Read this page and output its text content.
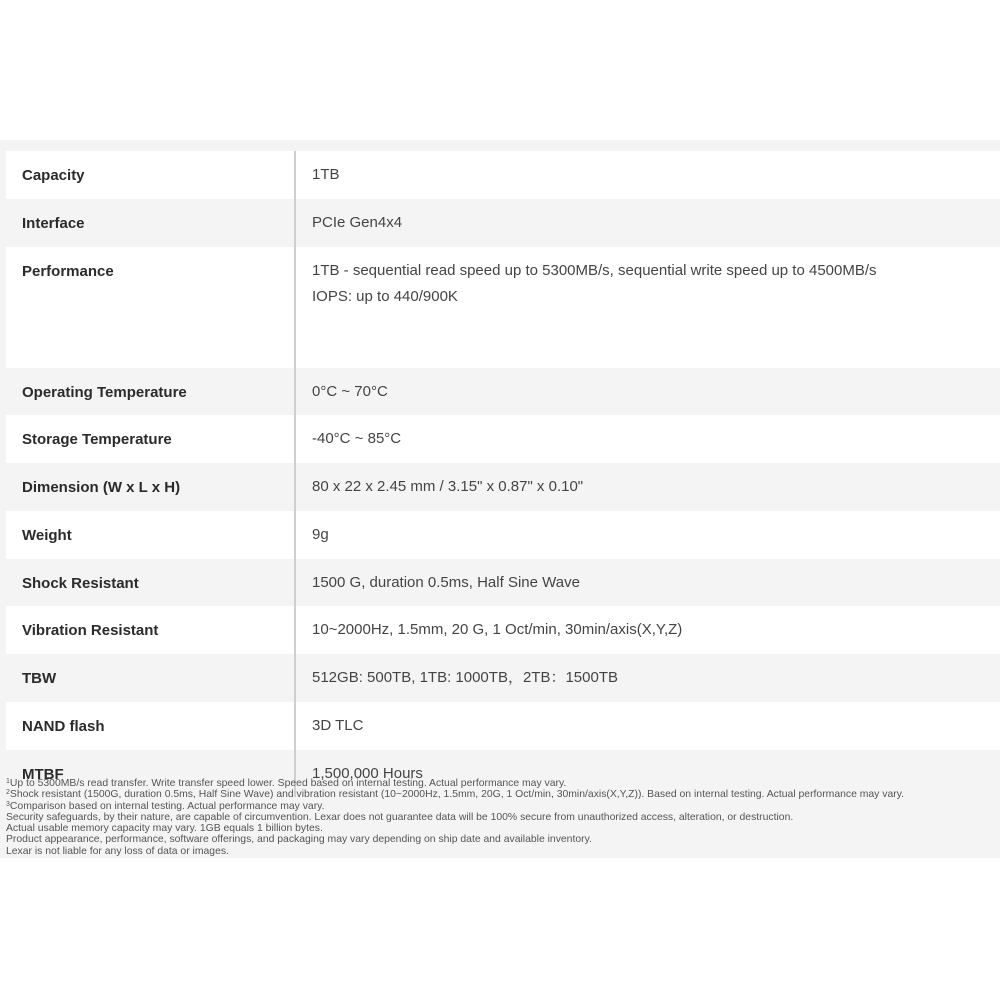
Capacity	1TB
Interface	PCIe Gen4x4
Performance	1TB - sequential read speed up to 5300MB/s, sequential write speed up to 4500MB/s
IOPS: up to 440/900K
Operating Temperature	0°C ~ 70°C
Storage Temperature	-40°C ~ 85°C
Dimension (W x L x H)	80 x 22 x 2.45 mm / 3.15" x 0.87" x 0.10"
Weight	9g
Shock Resistant	1500 G, duration 0.5ms, Half Sine Wave
Vibration Resistant	10~2000Hz, 1.5mm, 20 G, 1 Oct/min, 30min/axis(X,Y,Z)
TBW	512GB: 500TB, 1TB: 1000TB，2TB：1500TB
NAND flash	3D TLC
MTBF	1,500,000 Hours
$^1$Up to 5300MB/s read transfer. Write transfer speed lower. Speed based on internal testing. Actual performance may vary.
$^2$Shock resistant (1500G, duration 0.5ms, Half Sine Wave) and vibration resistant (10~2000Hz, 1.5mm, 20G, 1 Oct/min, 30min/axis(X,Y,Z)). Based on internal testing. Actual performance may vary.
$^3$Comparison based on internal testing. Actual performance may vary.
Security safeguards, by their nature, are capable of circumvention. Lexar does not guarantee data will be 100% secure from unauthorized access, alteration, or destruction.
Actual usable memory capacity may vary. 1GB equals 1 billion bytes.
Product appearance, performance, software offerings, and packaging may vary depending on ship date and available inventory.
Lexar is not liable for any loss of data or images.
